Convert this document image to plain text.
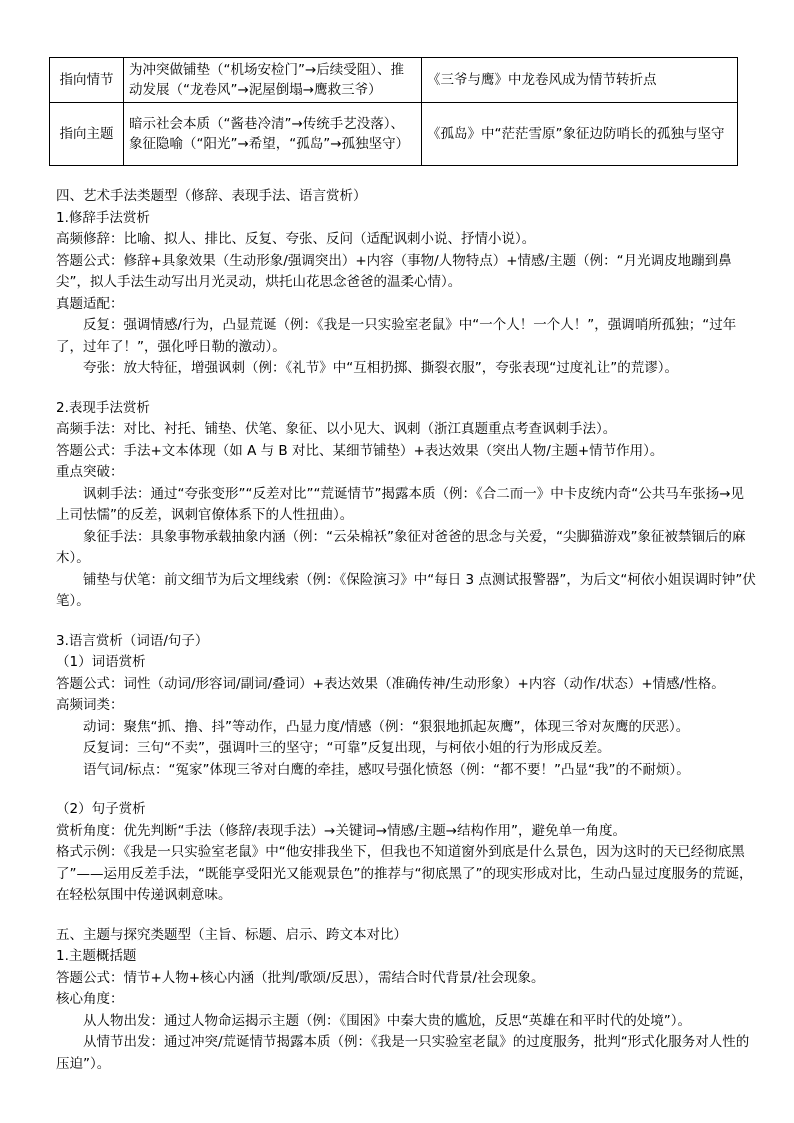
指向情节	为冲突做铺垫（“机场安检门”→后续受阻）、推动发展（“龙卷风”→泥屋倒塌→鹰救三爷）	《三爷与鹰》中龙卷风成为情节转折点
指向主题	暗示社会本质（“酱巷冷清”→传统手艺没落）、象征隐喻（“阳光”→希望，“孤岛”→孤独坚守）	《孤岛》中“茫茫雪原”象征边防哨长的孤独与坚守
四、艺术手法类题型（修辞、表现手法、语言赏析）
1.修辞手法赏析
高频修辞：比喻、拟人、排比、反复、夸张、反问（适配讽刺小说、抒情小说）。
答题公式：修辞+具象效果（生动形象/强调突出）+内容（事物/人物特点）+情感/主题（例：“月光调皮地蹦到鼻尖”，拟人手法生动写出月光灵动，烘托山花思念爸爸的温柔心情）。
真题适配：
反复：强调情感/行为，凸显荒诞（例：《我是一只实验室老鼠》中“一个人！一个人！”，强调哨所孤独；“过年了，过年了！”，强化呼日勒的激动）。
夸张：放大特征，增强讽刺（例：《礼节》中“互相扔掷、撕裂衣服”，夸张表现“过度礼让”的荒谬）。
2.表现手法赏析
高频手法：对比、衬托、铺垫、伏笔、象征、以小见大、讽刺（浙江真题重点考查讽刺手法）。
答题公式：手法+文本体现（如 A 与 B 对比、某细节铺垫）+表达效果（突出人物/主题+情节作用）。
重点突破：
讽刺手法：通过“夸张变形”“反差对比”“荒诞情节”揭露本质（例：《合二而一》中卡皮统内奇“公共马车张扬→见上司怯懦”的反差，讽刺官僚体系下的人性扭曲）。
象征手法：具象事物承载抽象内涵（例：“云朵棉袄”象征对爸爸的思念与关爱，“尖脚猫游戏”象征被禁锢后的麻木）。
铺垫与伏笔：前文细节为后文埋线索（例：《保险演习》中“每日 3 点测试报警器”，为后文“柯依小姐误调时钟”伏笔）。
3.语言赏析（词语/句子）
（1）词语赏析
答题公式：词性（动词/形容词/副词/叠词）+表达效果（准确传神/生动形象）+内容（动作/状态）+情感/性格。
高频词类：
动词：聚焦“抓、撸、抖”等动作，凸显力度/情感（例：“狠狠地抓起灰鹰”，体现三爷对灰鹰的厌恶）。
反复词：三句“不卖”，强调叶三的坚守；“可靠”反复出现，与柯依小姐的行为形成反差。
语气词/标点：“冤家”体现三爷对白鹰的牵挂，感叹号强化愤怒（例：“都不要！”凸显“我”的不耐烦）。
（2）句子赏析
赏析角度：优先判断“手法（修辞/表现手法）→关键词→情感/主题→结构作用”，避免单一角度。
格式示例：《我是一只实验室老鼠》中“他安排我坐下，但我也不知道窗外到底是什么景色，因为这时的天已经彻底黑了”——运用反差手法，“既能享受阳光又能观景色”的推荐与“彻底黑了”的现实形成对比，生动凸显过度服务的荒诞，在轻松氛围中传递讽刺意味。
五、主题与探究类题型（主旨、标题、启示、跨文本对比）
1.主题概括题
答题公式：情节+人物+核心内涵（批判/歌颂/反思），需结合时代背景/社会现象。
核心角度：
从人物出发：通过人物命运揭示主题（例：《围困》中秦大贵的尴尬，反思“英雄在和平时代的处境”）。
从情节出发：通过冲突/荒诞情节揭露本质（例：《我是一只实验室老鼠》的过度服务，批判“形式化服务对人性的压迫”）。
